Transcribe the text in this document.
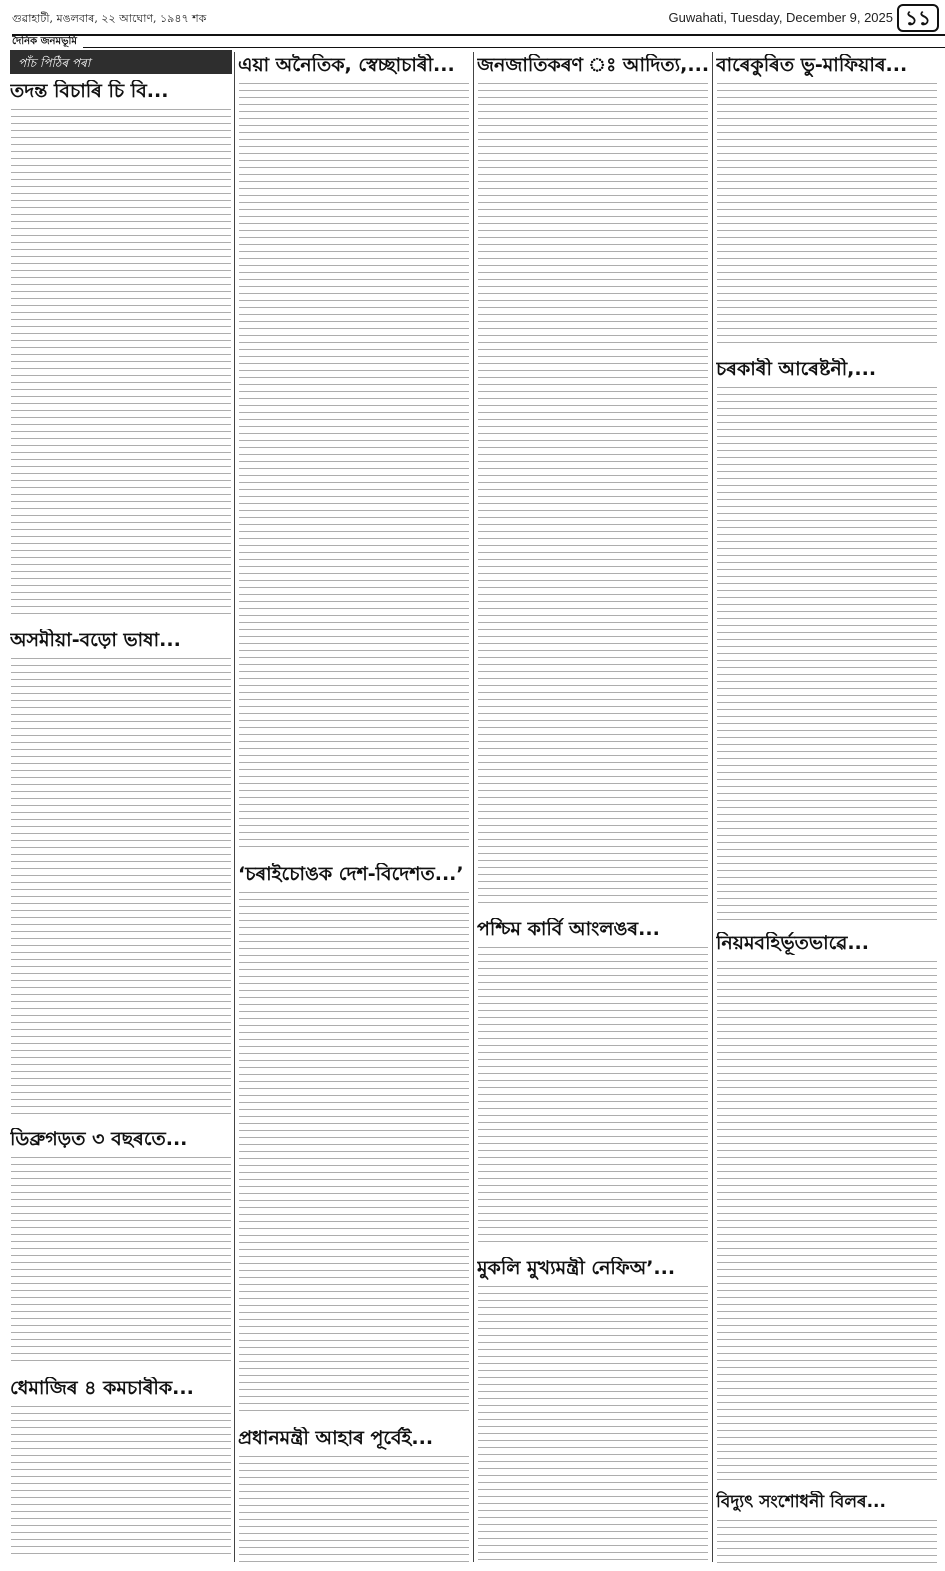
গুৱাহাটী, মঙলবাৰ, ২২ আঘোণ, ১৯৪৭ শক	Guwahati, Tuesday, December 9, 2025 ১১
দৈনিক জনমভূমি
পাঁচ পিঠিৰ পৰা
তদন্ত বিচাৰি চি বি...
অসমীয়া-বড়ো ভাষা...
ডিব্ৰুগড়ত ৩ বছৰতে...
ধেমাজিৰ ৪ কমচাৰীক...
এয়া অনৈতিক, স্বেচ্ছাচাৰী...
‘চৰাইচোঙক দেশ-বিদেশত...’
প্ৰধানমন্ত্ৰী আহাৰ পূৰ্বেই...
জনজাতিকৰণ ঃ আদিত্য,...
পশ্চিম কাৰ্বি আংলঙৰ...
মুকলি মুখ্যমন্ত্ৰী নেফিঅ’...
বাৰেকুৰিত ভু-মাফিয়াৰ...
চৰকাৰী আৰেষ্টনী,...
নিয়মবহিৰ্ভূতভাৱে...
বিদ্যুৎ সংশোধনী বিলৰ...
